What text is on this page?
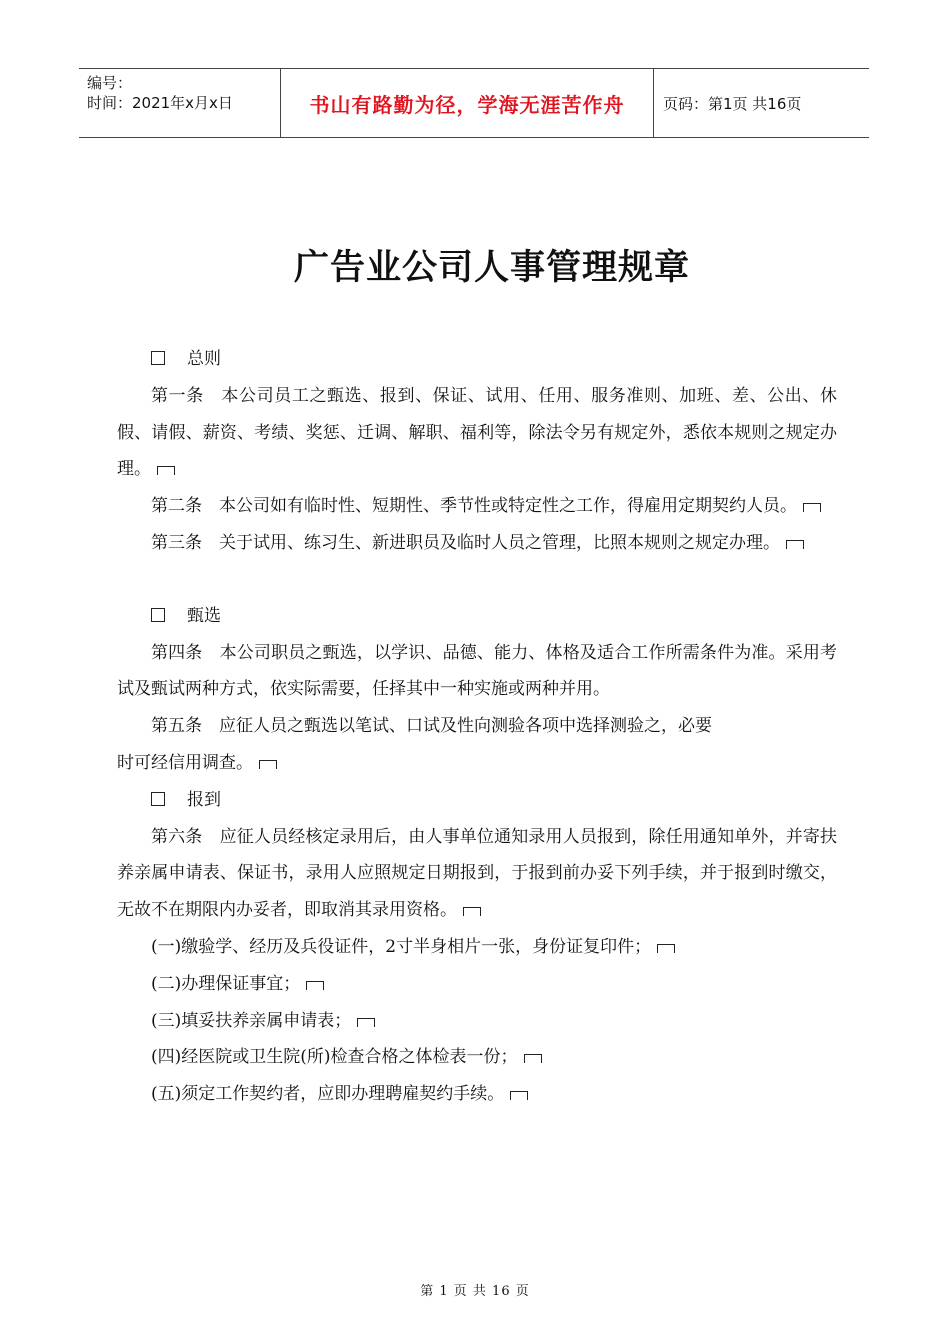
编号：
时间：2021年x月x日	书山有路勤为径，学海无涯苦作舟	页码：第1页 共16页
广告业公司人事管理规章

总则

第一条　本公司员工之甄选、报到、保证、试用、任用、服务准则、加班、差、公出、休假、请假、薪资、考绩、奖惩、迁调、解职、福利等，除法令另有规定外，悉依本规则之规定办理。

第二条　本公司如有临时性、短期性、季节性或特定性之工作，得雇用定期契约人员。

第三条　关于试用、练习生、新进职员及临时人员之管理，比照本规则之规定办理。

甄选

第四条　本公司职员之甄选，以学识、品德、能力、体格及适合工作所需条件为准。采用考试及甄试两种方式，依实际需要，任择其中一种实施或两种并用。

第五条　应征人员之甄选以笔试、口试及性向测验各项中选择测验之，必要

时可经信用调查。

报到

第六条　应征人员经核定录用后，由人事单位通知录用人员报到，除任用通知单外，并寄扶养亲属申请表、保证书，录用人应照规定日期报到，于报到前办妥下列手续，并于报到时缴交，无故不在期限内办妥者，即取消其录用资格。

(一)缴验学、经历及兵役证件，2寸半身相片一张，身份证复印件；

(二)办理保证事宜；

(三)填妥扶养亲属申请表；

(四)经医院或卫生院(所)检查合格之体检表一份；

(五)须定工作契约者，应即办理聘雇契约手续。

第 1 页 共 16 页
